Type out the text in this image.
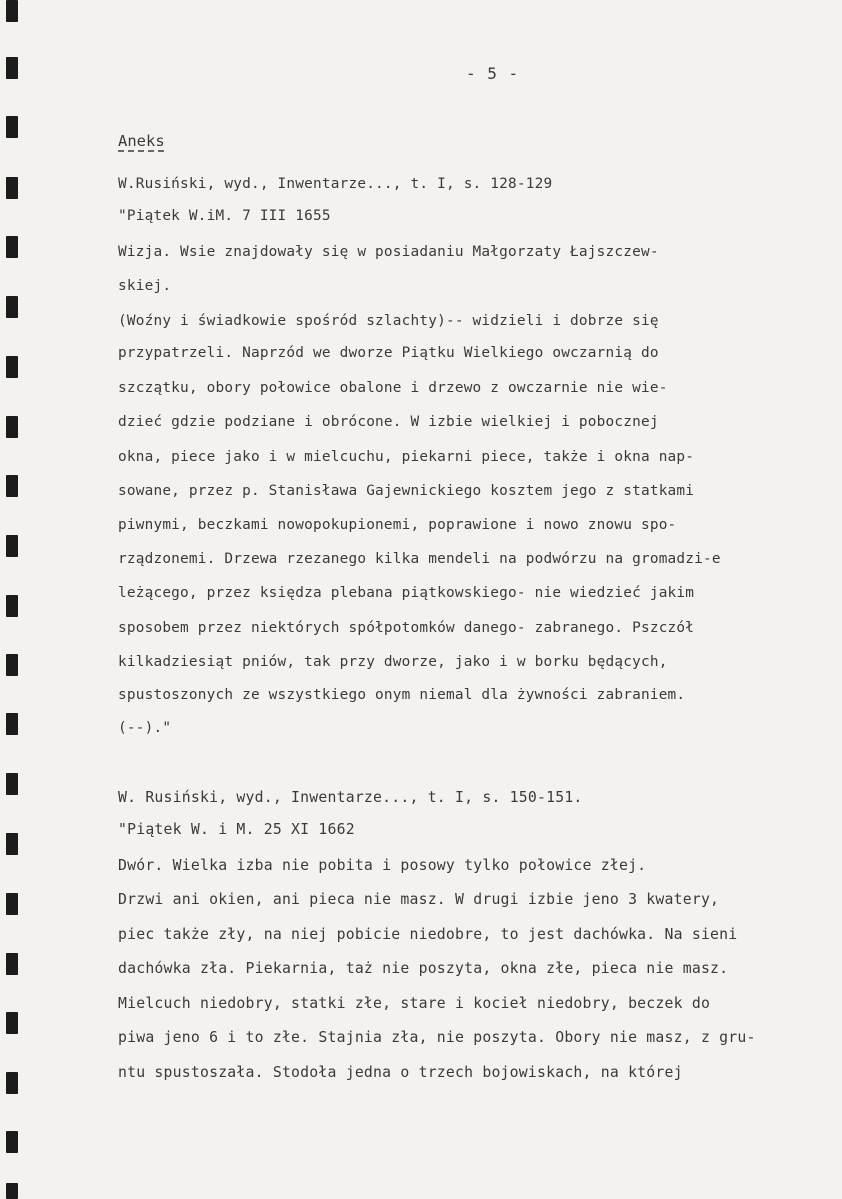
- 5 -
Aneks
W.Rusiński, wyd., Inwentarze..., t. I, s. 128-129
"Piątek W.iM. 7 III 1655
Wizja. Wsie znajdowały się w posiadaniu Małgorzaty Łajszczew-
skiej.
(Woźny i świadkowie spośród szlachty)-- widzieli i dobrze się
przypatrzeli. Naprzód we dworze Piątku Wielkiego owczarnią do
szczątku, obory połowice obalone i drzewo z owczarnie nie wie-
dzieć gdzie podziane i obrócone. W izbie wielkiej i pobocznej
okna, piece jako i w mielcuchu, piekarni piece, także i okna nap-
sowane, przez p. Stanisława Gajewnickiego kosztem jego z statkami
piwnymi, beczkami nowopokupionemi, poprawione i nowo znowu spo-
rządzonemi. Drzewa rzezanego kilka mendeli na podwórzu na gromadzi-e
leżącego, przez księdza plebana piątkowskiego- nie wiedzieć jakim
sposobem przez niektórych spółpotomków danego- zabranego. Pszczół
kilkadziesiąt pniów, tak przy dworze, jako i w borku będących,
spustoszonych ze wszystkiego onym niemal dla żywności zabraniem.
(--)."
W. Rusiński, wyd., Inwentarze..., t. I, s. 150-151.
"Piątek W. i M. 25 XI 1662
Dwór. Wielka izba nie pobita i posowy tylko połowice złej.
Drzwi ani okien, ani pieca nie masz. W drugi izbie jeno 3 kwatery,
piec także zły, na niej pobicie niedobre, to jest dachówka. Na sieni
dachówka zła. Piekarnia, taż nie poszyta, okna złe, pieca nie masz.
Mielcuch niedobry, statki złe, stare i kocieł niedobry, beczek do
piwa jeno 6 i to złe. Stajnia zła, nie poszyta. Obory nie masz, z gru-
ntu spustoszała. Stodoła jedna o trzech bojowiskach, na której
